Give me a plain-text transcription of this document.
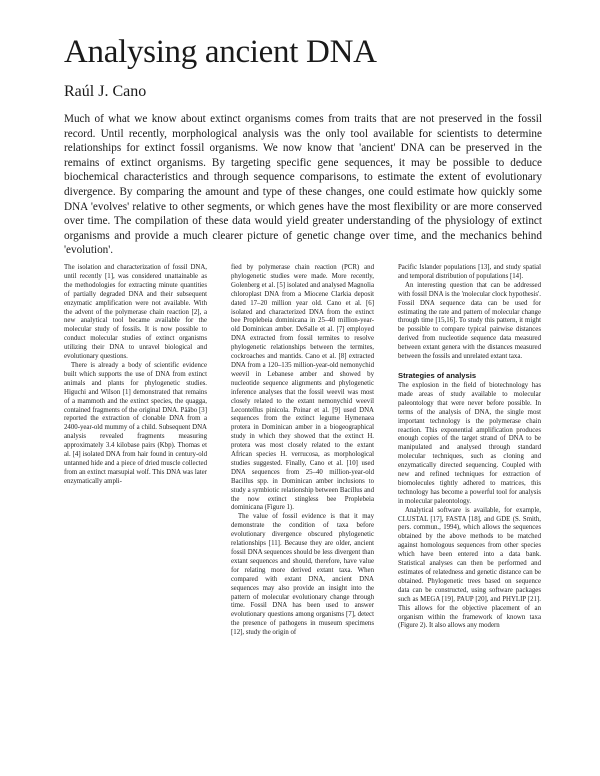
Analysing ancient DNA
Raúl J. Cano

Much of what we know about extinct organisms comes from traits that are not preserved in the fossil record. Until recently, morphological analysis was the only tool available for scientists to determine relationships for extinct fossil organisms. We now know that 'ancient' DNA can be preserved in the remains of extinct organisms. By targeting specific gene sequences, it may be possible to deduce biochemical characteristics and through sequence comparisons, to estimate the extent of evolutionary divergence. By comparing the amount and type of these changes, one could estimate how quickly some DNA 'evolves' relative to other segments, or which genes have the most flexibility or are more conserved over time. The compilation of these data would yield greater understanding of the physiology of extinct organisms and provide a much clearer picture of genetic change over time, and the mechanics behind 'evolution'.

The isolation and characterization of fossil DNA, until recently [1], was considered unattainable as the methodologies for extracting minute quantities of partially degraded DNA and their subsequent enzymatic amplification were not available. With the advent of the polymerase chain reaction [2], a new analytical tool became available for the molecular study of fossils. It is now possible to conduct molecular studies of extinct organisms utilizing their DNA to unravel biological and evolutionary questions.

There is already a body of scientific evidence built which supports the use of DNA from extinct animals and plants for phylogenetic studies. Higuchi and Wilson [1] demonstrated that remains of a mammoth and the extinct species, the quagga, contained fragments of the original DNA. Pääbo [3] reported the extraction of clonable DNA from a 2400-year-old mummy of a child. Subsequent DNA analysis revealed fragments measuring approximately 3.4 kilobase pairs (Kbp). Thomas et al. [4] isolated DNA from hair found in century-old untanned hide and a piece of dried muscle collected from an extinct marsupial wolf. This DNA was later enzymatically ampli-

fied by polymerase chain reaction (PCR) and phylogenetic studies were made. More recently, Golenberg et al. [5] isolated and analysed Magnolia chloroplast DNA from a Miocene Clarkia deposit dated 17–20 million year old. Cano et al. [6] isolated and characterized DNA from the extinct bee Proplebeia dominicana in 25–40 million-year-old Dominican amber. DeSalle et al. [7] employed DNA extracted from fossil termites to resolve phylogenetic relationships between the termites, cockroaches and mantids. Cano et al. [8] extracted DNA from a 120–135 million-year-old nemonychid weevil in Lebanese amber and showed by nucleotide sequence alignments and phylogenetic inference analyses that the fossil weevil was most closely related to the extant nemonychid weevil Lecontellus pinicola. Poinar et al. [9] used DNA sequences from the extinct legume Hymenaea protera in Dominican amber in a biogeographical study in which they showed that the extinct H. protera was most closely related to the extant African species H. verrucosa, as morphological studies suggested. Finally, Cano et al. [10] used DNA sequences from 25–40 million-year-old Bacillus spp. in Dominican amber inclusions to study a symbiotic relationship between Bacillus and the now extinct stingless bee Proplebeia dominicana (Figure 1).

The value of fossil evidence is that it may demonstrate the condition of taxa before evolutionary divergence obscured phylogenetic relationships [11]. Because they are older, ancient fossil DNA sequences should be less divergent than extant sequences and should, therefore, have value for relating more derived extant taxa. When compared with extant DNA, ancient DNA sequences may also provide an insight into the pattern of molecular evolutionary change through time. Fossil DNA has been used to answer evolutionary questions among organisms [7], detect the presence of pathogens in museum specimens [12], study the origin of

Pacific Islander populations [13], and study spatial and temporal distribution of populations [14].

An interesting question that can be addressed with fossil DNA is the 'molecular clock hypothesis'. Fossil DNA sequence data can be used for estimating the rate and pattern of molecular change through time [15,16]. To study this pattern, it might be possible to compare typical pairwise distances derived from nucleotide sequence data measured between extant genera with the distances measured between the fossils and unrelated extant taxa.

Strategies of analysis

The explosion in the field of biotechnology has made areas of study available to molecular paleontology that were never before possible. In terms of the analysis of DNA, the single most important technology is the polymerase chain reaction. This exponential amplification produces enough copies of the target strand of DNA to be manipulated and analysed through standard molecular techniques, such as cloning and enzymatically directed sequencing. Coupled with new and refined techniques for extraction of biomolecules tightly adhered to matrices, this technology has become a powerful tool for analysis in molecular paleontology.

Analytical software is available, for example, CLUSTAL [17], FASTA [18], and GDE (S. Smith, pers. commun., 1994), which allows the sequences obtained by the above methods to be matched against homologous sequences from other species which have been entered into a data bank. Statistical analyses can then be performed and estimates of relatedness and genetic distance can be obtained. Phylogenetic trees based on sequence data can be constructed, using software packages such as MEGA [19], PAUP [20], and PHYLIP [21]. This allows for the objective placement of an organism within the framework of known taxa (Figure 2). It also allows any modern
